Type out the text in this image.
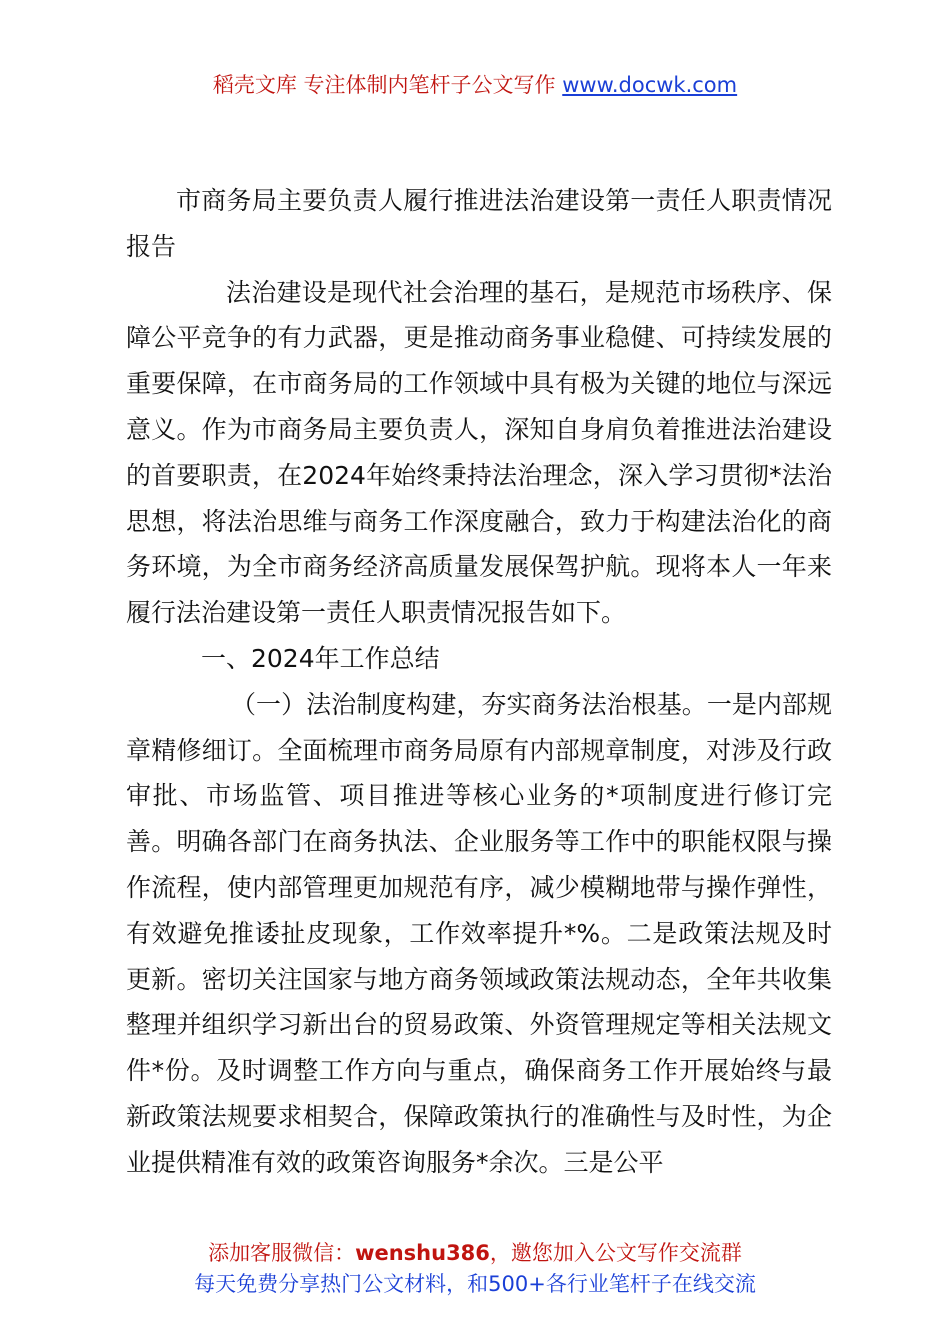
稻壳文库 专注体制内笔杆子公文写作 www.docwk.com

市商务局主要负责人履行推进法治建设第一责任人职责情况报告

法治建设是现代社会治理的基石，是规范市场秩序、保障公平竞争的有力武器，更是推动商务事业稳健、可持续发展的重要保障，在市商务局的工作领域中具有极为关键的地位与深远意义。作为市商务局主要负责人，深知自身肩负着推进法治建设的首要职责，在2024年始终秉持法治理念，深入学习贯彻*法治思想，将法治思维与商务工作深度融合，致力于构建法治化的商务环境，为全市商务经济高质量发展保驾护航。现将本人一年来履行法治建设第一责任人职责情况报告如下。

一、2024年工作总结

（一）法治制度构建，夯实商务法治根基。一是内部规章精修细订。全面梳理市商务局原有内部规章制度，对涉及行政审批、市场监管、项目推进等核心业务的*项制度进行修订完善。明确各部门在商务执法、企业服务等工作中的职能权限与操作流程，使内部管理更加规范有序，减少模糊地带与操作弹性，有效避免推诿扯皮现象，工作效率提升*%。二是政策法规及时更新。密切关注国家与地方商务领域政策法规动态，全年共收集整理并组织学习新出台的贸易政策、外资管理规定等相关法规文件*份。及时调整工作方向与重点，确保商务工作开展始终与最新政策法规要求相契合，保障政策执行的准确性与及时性，为企业提供精准有效的政策咨询服务*余次。三是公平

添加客服微信：wenshu386，邀您加入公文写作交流群
每天免费分享热门公文材料，和500+各行业笔杆子在线交流
